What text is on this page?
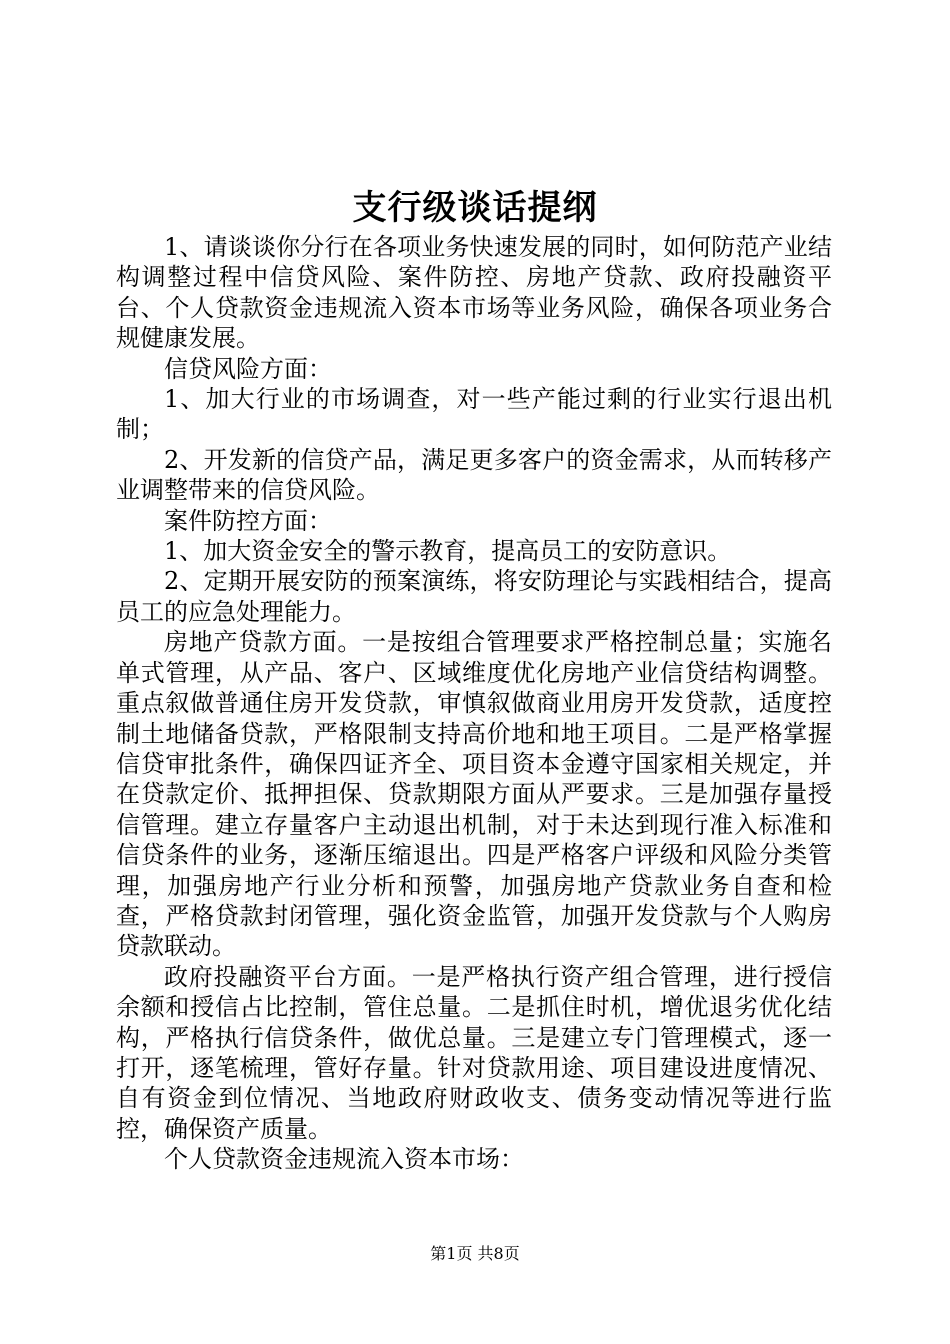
支行级谈话提纲

1、请谈谈你分行在各项业务快速发展的同时，如何防范产业结构调整过程中信贷风险、案件防控、房地产贷款、政府投融资平台、个人贷款资金违规流入资本市场等业务风险，确保各项业务合规健康发展。

信贷风险方面：

1、加大行业的市场调查，对一些产能过剩的行业实行退出机制；

2、开发新的信贷产品，满足更多客户的资金需求，从而转移产业调整带来的信贷风险。

案件防控方面：

1、加大资金安全的警示教育，提高员工的安防意识。

2、定期开展安防的预案演练，将安防理论与实践相结合，提高员工的应急处理能力。

房地产贷款方面。一是按组合管理要求严格控制总量；实施名单式管理，从产品、客户、区域维度优化房地产业信贷结构调整。重点叙做普通住房开发贷款，审慎叙做商业用房开发贷款，适度控制土地储备贷款，严格限制支持高价地和地王项目。二是严格掌握信贷审批条件，确保四证齐全、项目资本金遵守国家相关规定，并在贷款定价、抵押担保、贷款期限方面从严要求。三是加强存量授信管理。建立存量客户主动退出机制，对于未达到现行准入标准和信贷条件的业务，逐渐压缩退出。四是严格客户评级和风险分类管理，加强房地产行业分析和预警，加强房地产贷款业务自查和检查，严格贷款封闭管理，强化资金监管，加强开发贷款与个人购房贷款联动。

政府投融资平台方面。一是严格执行资产组合管理，进行授信余额和授信占比控制，管住总量。二是抓住时机，增优退劣优化结构，严格执行信贷条件，做优总量。三是建立专门管理模式，逐一打开，逐笔梳理，管好存量。针对贷款用途、项目建设进度情况、自有资金到位情况、当地政府财政收支、债务变动情况等进行监控，确保资产质量。

个人贷款资金违规流入资本市场：

第1页 共8页
